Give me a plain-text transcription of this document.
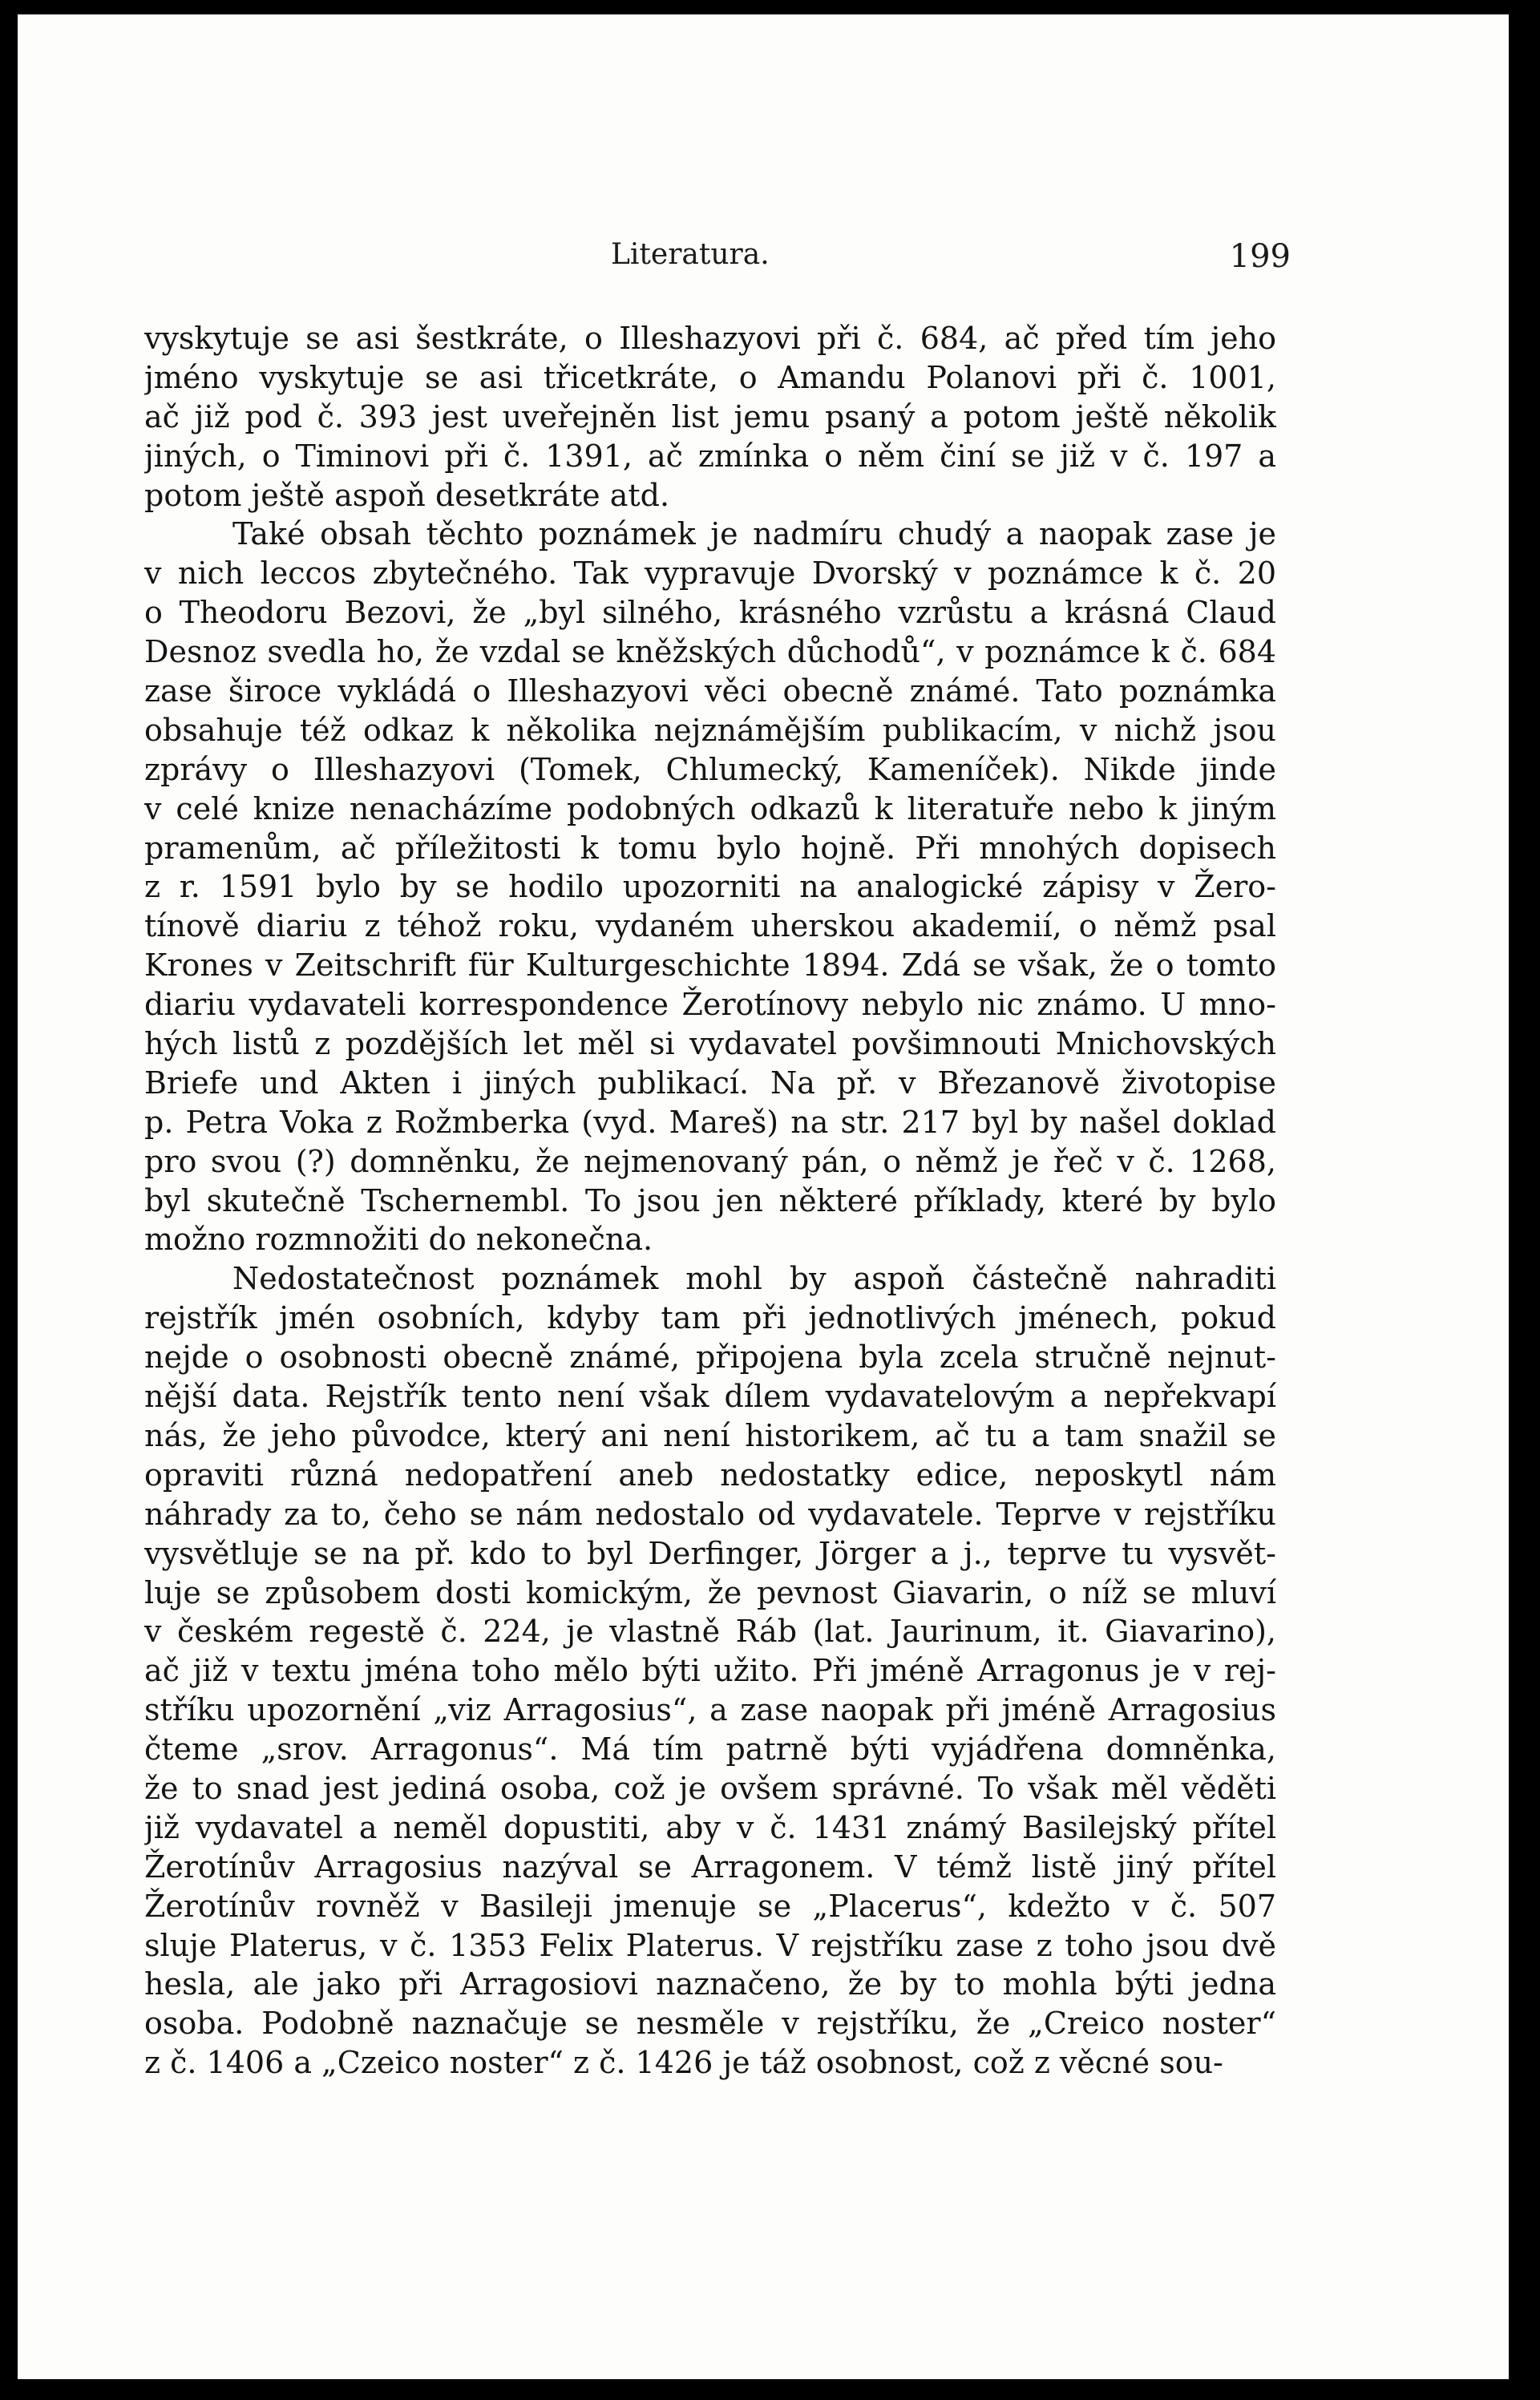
Literatura.	199
vyskytuje se asi šestkráte, o Illeshazyovi při č. 684, ač před tím jeho
jméno vyskytuje se asi třicetkráte, o Amandu Polanovi při č. 1001,
ač již pod č. 393 jest uveřejněn list jemu psaný a potom ještě několik
jiných, o Timinovi při č. 1391, ač zmínka o něm činí se již v č. 197 a
potom ještě aspoň desetkráte atd.
Také obsah těchto poznámek je nadmíru chudý a naopak zase je
v nich leccos zbytečného. Tak vypravuje Dvorský v poznámce k č. 20
o Theodoru Bezovi, že „byl silného, krásného vzrůstu a krásná Claud
Desnoz svedla ho, že vzdal se kněžských důchodů“, v poznámce k č. 684
zase široce vykládá o Illeshazyovi věci obecně známé. Tato poznámka
obsahuje též odkaz k několika nejznámějším publikacím, v nichž jsou
zprávy o Illeshazyovi (Tomek, Chlumecký, Kameníček). Nikde jinde
v celé knize nenacházíme podobných odkazů k literatuře nebo k jiným
pramenům, ač příležitosti k tomu bylo hojně. Při mnohých dopisech
z r. 1591 bylo by se hodilo upozorniti na analogické zápisy v Žero-
tínově diariu z téhož roku, vydaném uherskou akademií, o němž psal
Krones v Zeitschrift für Kulturgeschichte 1894. Zdá se však, že o tomto
diariu vydavateli korrespondence Žerotínovy nebylo nic známo. U mno-
hých listů z pozdějších let měl si vydavatel povšimnouti Mnichovských
Briefe und Akten i jiných publikací. Na př. v Březanově životopise
p. Petra Voka z Rožmberka (vyd. Mareš) na str. 217 byl by našel doklad
pro svou (?) domněnku, že nejmenovaný pán, o němž je řeč v č. 1268,
byl skutečně Tschernembl. To jsou jen některé příklady, které by bylo
možno rozmnožiti do nekonečna.
Nedostatečnost poznámek mohl by aspoň částečně nahraditi
rejstřík jmén osobních, kdyby tam při jednotlivých jménech, pokud
nejde o osobnosti obecně známé, připojena byla zcela stručně nejnut-
nější data. Rejstřík tento není však dílem vydavatelovým a nepřekvapí
nás, že jeho původce, který ani není historikem, ač tu a tam snažil se
opraviti různá nedopatření aneb nedostatky edice, neposkytl nám
náhrady za to, čeho se nám nedostalo od vydavatele. Teprve v rejstříku
vysvětluje se na př. kdo to byl Derfinger, Jörger a j., teprve tu vysvět-
luje se způsobem dosti komickým, že pevnost Giavarin, o níž se mluví
v českém regestě č. 224, je vlastně Ráb (lat. Jaurinum, it. Giavarino),
ač již v textu jména toho mělo býti užito. Při jméně Arragonus je v rej-
stříku upozornění „viz Arragosius“, a zase naopak při jméně Arragosius
čteme „srov. Arragonus“. Má tím patrně býti vyjádřena domněnka,
že to snad jest jediná osoba, což je ovšem správné. To však měl věděti
již vydavatel a neměl dopustiti, aby v č. 1431 známý Basilejský přítel
Žerotínův Arragosius nazýval se Arragonem. V témž listě jiný přítel
Žerotínův rovněž v Basileji jmenuje se „Placerus“, kdežto v č. 507
sluje Platerus, v č. 1353 Felix Platerus. V rejstříku zase z toho jsou dvě
hesla, ale jako při Arragosiovi naznačeno, že by to mohla býti jedna
osoba. Podobně naznačuje se nesměle v rejstříku, že „Creico noster“
z č. 1406 a „Czeico noster“ z č. 1426 je táž osobnost, což z věcné sou-
